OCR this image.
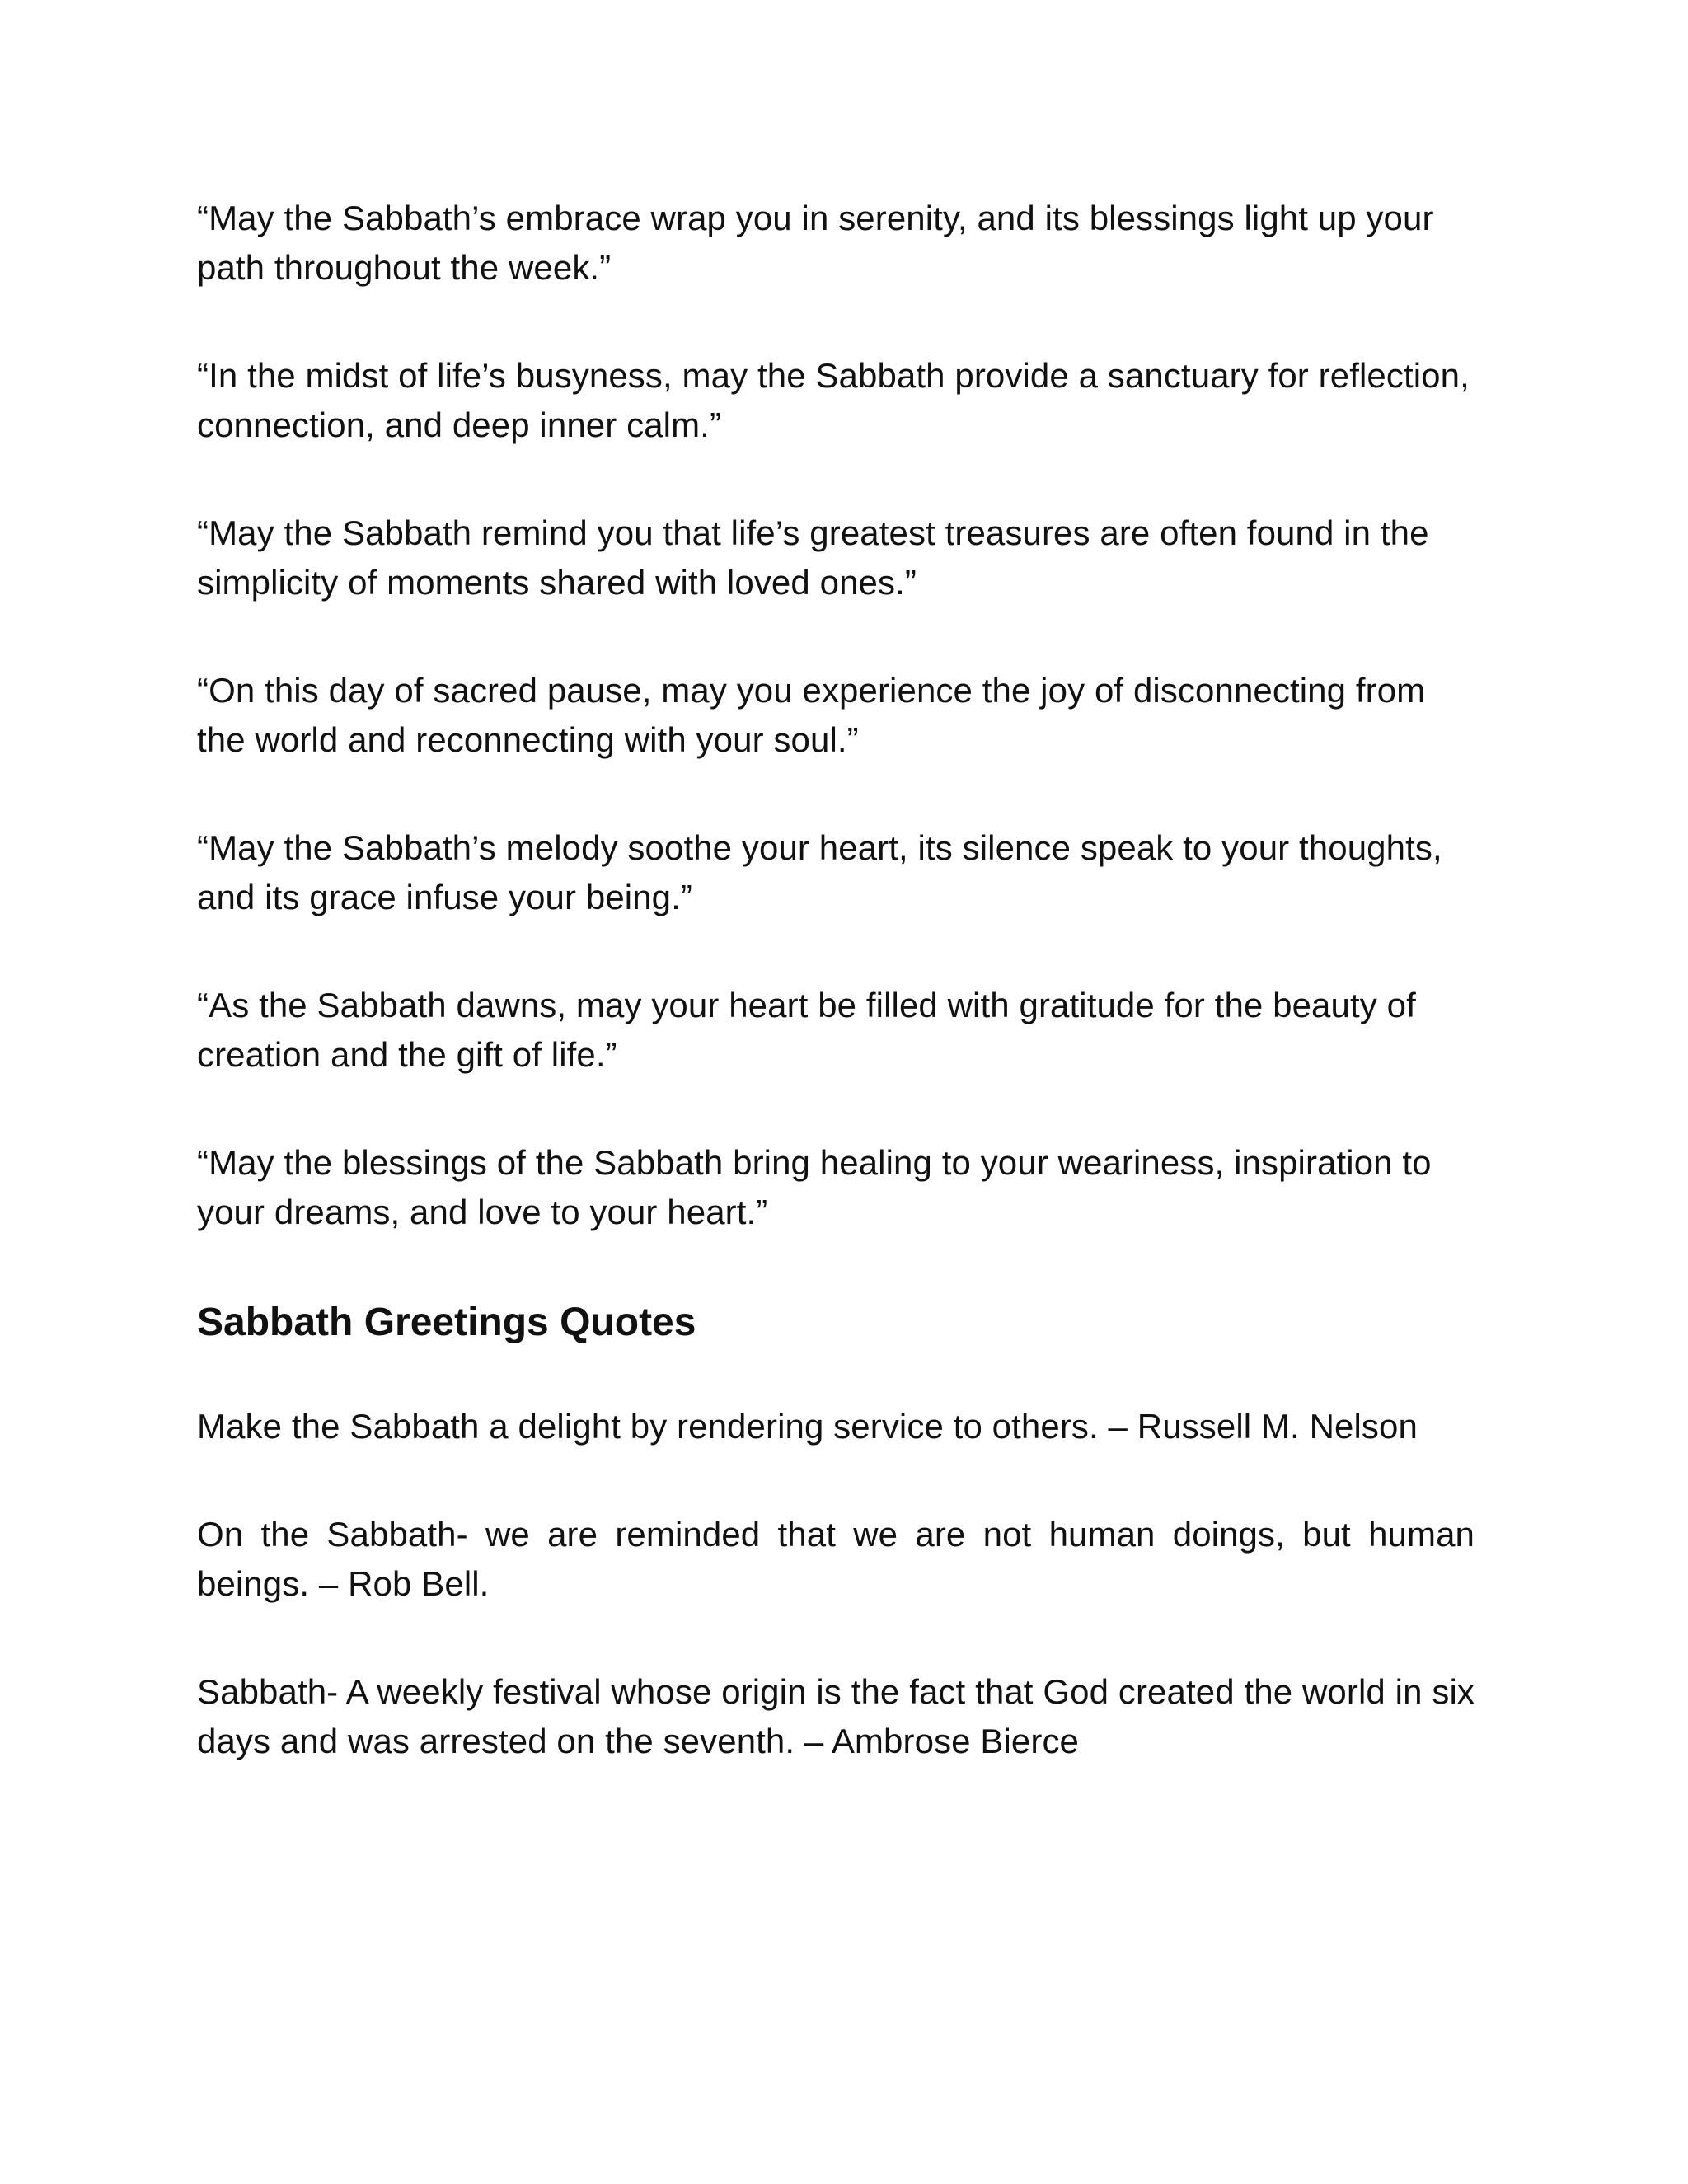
“May the Sabbath’s embrace wrap you in serenity, and its blessings light up your path throughout the week.”

“In the midst of life’s busyness, may the Sabbath provide a sanctuary for reflection, connection, and deep inner calm.”

“May the Sabbath remind you that life’s greatest treasures are often found in the simplicity of moments shared with loved ones.”

“On this day of sacred pause, may you experience the joy of disconnecting from the world and reconnecting with your soul.”

“May the Sabbath’s melody soothe your heart, its silence speak to your thoughts, and its grace infuse your being.”

“As the Sabbath dawns, may your heart be filled with gratitude for the beauty of creation and the gift of life.”

“May the blessings of the Sabbath bring healing to your weariness, inspiration to your dreams, and love to your heart.”

Sabbath Greetings Quotes

Make the Sabbath a delight by rendering service to others. – Russell M. Nelson

On the Sabbath- we are reminded that we are not human doings, but human beings. – Rob Bell.

Sabbath- A weekly festival whose origin is the fact that God created the world in six days and was arrested on the seventh. – Ambrose Bierce
